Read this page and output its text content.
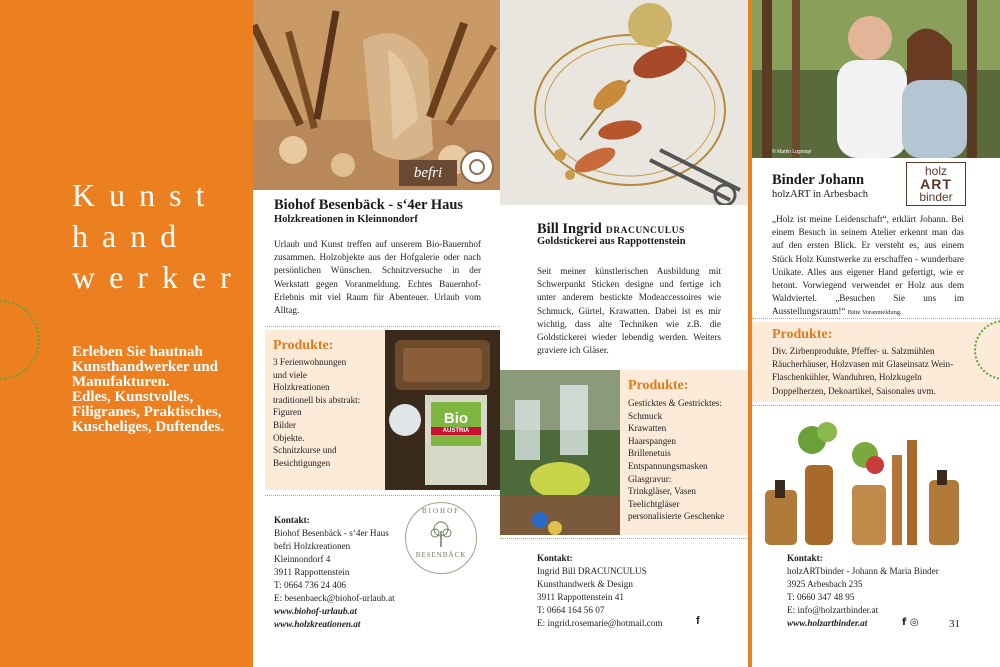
Kunst
hand
werker
Erleben Sie hautnah
Kunsthandwerker und
Manufakturen.
Edles, Kunstvolles,
Filigranes, Praktisches,
Kuscheliges, Duftendes.
befri
Biohof Besenbäck - s‘4er Haus
Holzkreationen in Kleinnondorf
Urlaub und Kunst treffen auf unserem Bio-Bauernhof zusammen. Holzobjekte aus der Hofgalerie oder nach persönlichen Wünschen. Schnitzversuche in der Werkstatt gegen Voranmeldung. Echtes Bauernhof-Erlebnis mit viel Raum für Abenteuer. Urlaub vom Alltag.
Produkte:
3 Ferienwohnungen
und viele
Holzkreationen
traditionell bis abstrakt:
Figuren
Bilder
Objekte.
Schnitzkurse und
Besichtigungen
Bio
AUSTRIA
Kontakt:
Biohof Besenbäck - s‘4er Haus
befri Holzkreationen
Kleinnondorf 4
3911 Rappottenstein
T: 0664 736 24 406
E: besenbaeck@biohof-urlaub.at
www.biohof-urlaub.at
www.holzkreationen.at
BIOHOF
BESENBÄCK
Bill Ingrid DRACUNCULUS
Goldstickerei aus Rappottenstein
Seit meiner künstlerischen Ausbildung mit Schwerpunkt Sticken designe und fertige ich unter anderem bestickte Modeaccessoires wie Schmuck, Gürtel, Krawatten. Dabei ist es mir wichtig, dass alte Techniken wie z.B. die Goldstickerei wieder lebendig werden. Weiters graviere ich Gläser.
Produkte:
Gesticktes & Gestricktes:
Schmuck
Krawatten
Haarspangen
Brillenetuis
Entspannungsmasken
Glasgravur:
Trinkgläser, Vasen
Teelichtgläser
personalisierte Geschenke
Kontakt:
Ingrid Bill DRACUNCULUS
Kunsthandwerk & Design
3911 Rappottenstein 41
T: 0664 164 56 07
E: ingrid.rosemarie@hotmail.com	f
© Martin Lugmayr
holz
ART
binder
Binder Johann
holzART in Arbesbach
„Holz ist meine Leidenschaft“, erklärt Johann. Bei einem Besuch in seinem Atelier erkennt man das auf den ersten Blick. Er versteht es, aus einem Stück Holz Kunstwerke zu erschaffen - wunderbare Unikate. Alles aus eigener Hand gefertigt, wie er betont. Vorwiegend verwendet er Holz aus dem Waldviertel. „Besuchen Sie uns im Ausstellungsraum!“ Bitte Voranmeldung.
Produkte:
Div. Zirbenprodukte, Pfeffer- u. Salzmühlen Räucherhäuser, Holzvasen mit Glaseinsatz Wein-Flaschenkühler, Wanduhren, Holzkugeln Doppelherzen, Dekoartikel, Saisonales uvm.
Kontakt:
holzARTbinder - Johann & Maria Binder
3925 Arbesbach 235
T: 0660 347 48 95
E: info@holzartbinder.at
www.holzartbinder.at	f ◎	31
